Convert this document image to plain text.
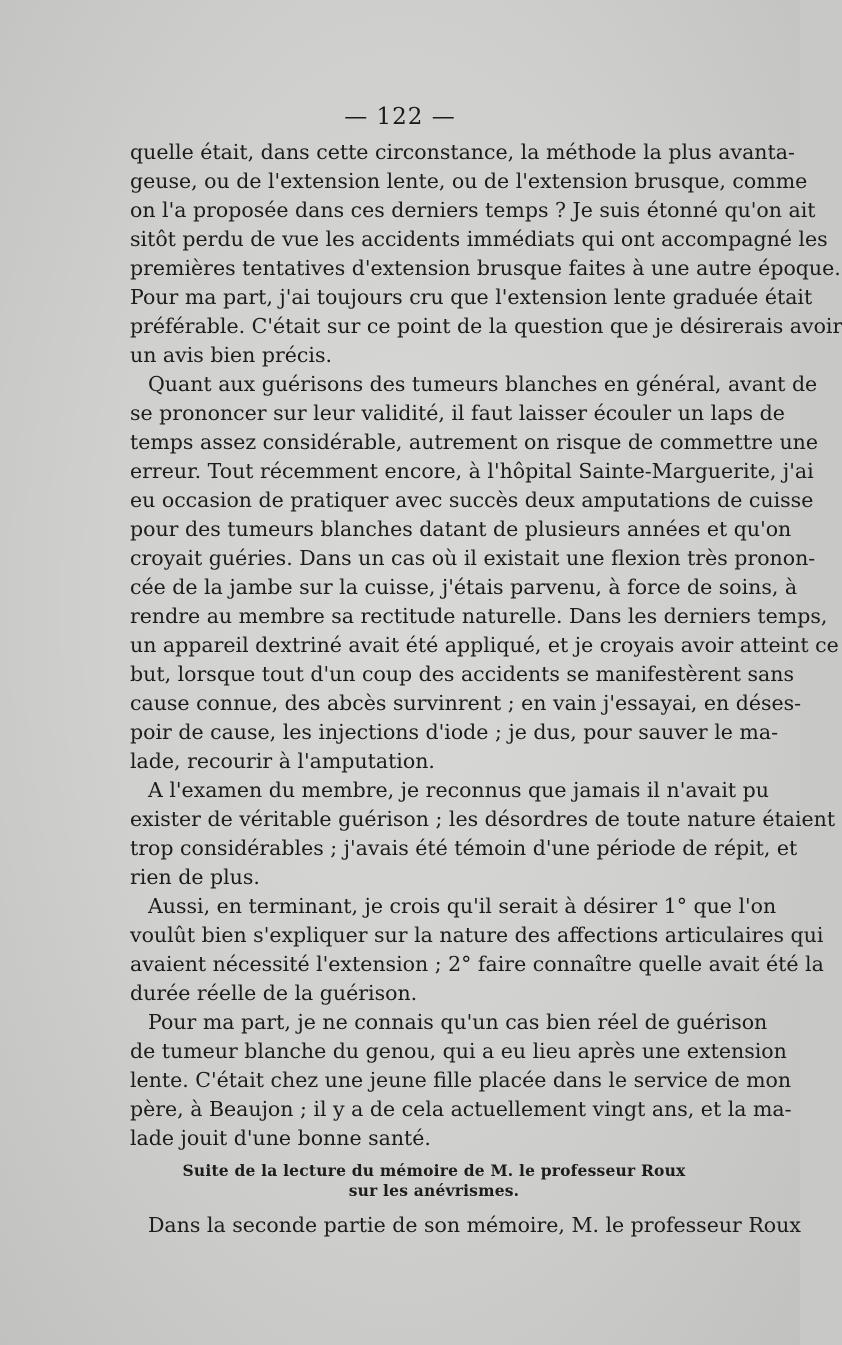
— 122 —
quelle était, dans cette circonstance, la méthode la plus avanta-
geuse, ou de l'extension lente, ou de l'extension brusque, comme
on l'a proposée dans ces derniers temps ? Je suis étonné qu'on ait
sitôt perdu de vue les accidents immédiats qui ont accompagné les
premières tentatives d'extension brusque faites à une autre époque.
Pour ma part, j'ai toujours cru que l'extension lente graduée était
préférable. C'était sur ce point de la question que je désirerais avoir
un avis bien précis.
Quant aux guérisons des tumeurs blanches en général, avant de
se prononcer sur leur validité, il faut laisser écouler un laps de
temps assez considérable, autrement on risque de commettre une
erreur. Tout récemment encore, à l'hôpital Sainte-Marguerite, j'ai
eu occasion de pratiquer avec succès deux amputations de cuisse
pour des tumeurs blanches datant de plusieurs années et qu'on
croyait guéries. Dans un cas où il existait une flexion très pronon-
cée de la jambe sur la cuisse, j'étais parvenu, à force de soins, à
rendre au membre sa rectitude naturelle. Dans les derniers temps,
un appareil dextriné avait été appliqué, et je croyais avoir atteint ce
but, lorsque tout d'un coup des accidents se manifestèrent sans
cause connue, des abcès survinrent ; en vain j'essayai, en déses-
poir de cause, les injections d'iode ; je dus, pour sauver le ma-
lade, recourir à l'amputation.
A l'examen du membre, je reconnus que jamais il n'avait pu
exister de véritable guérison ; les désordres de toute nature étaient
trop considérables ; j'avais été témoin d'une période de répit, et
rien de plus.
Aussi, en terminant, je crois qu'il serait à désirer 1° que l'on
voulût bien s'expliquer sur la nature des affections articulaires qui
avaient nécessité l'extension ; 2° faire connaître quelle avait été la
durée réelle de la guérison.
Pour ma part, je ne connais qu'un cas bien réel de guérison
de tumeur blanche du genou, qui a eu lieu après une extension
lente. C'était chez une jeune fille placée dans le service de mon
père, à Beaujon ; il y a de cela actuellement vingt ans, et la ma-
lade jouit d'une bonne santé.
Suite de la lecture du mémoire de M. le professeur Roux
sur les anévrismes.
Dans la seconde partie de son mémoire, M. le professeur Roux
